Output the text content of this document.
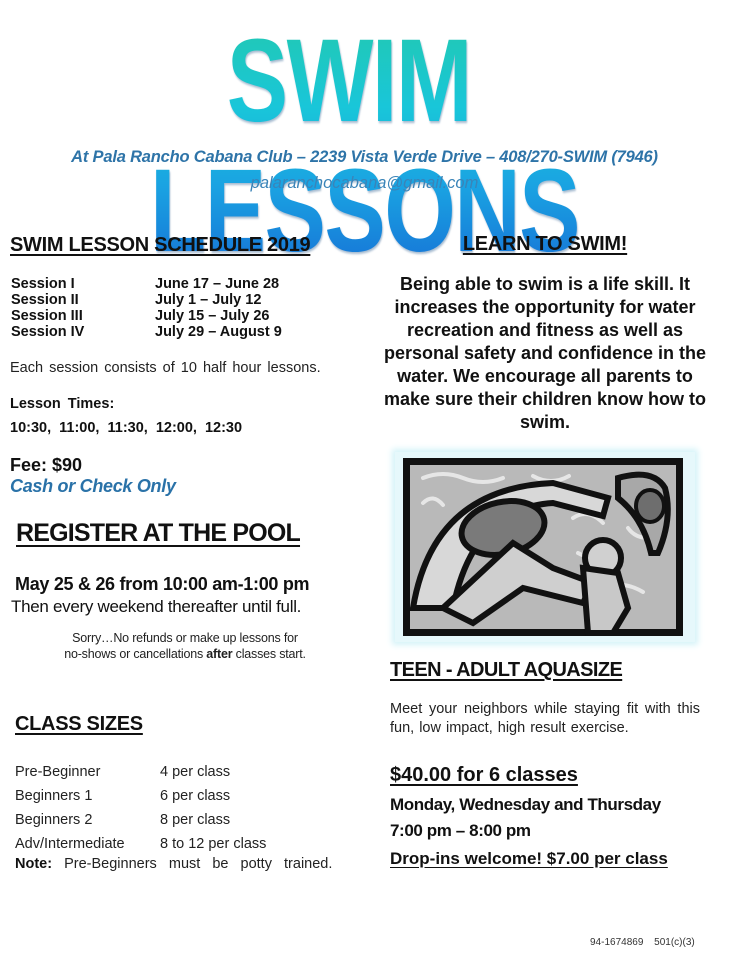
SWIMLESSONS
At Pala Rancho Cabana Club – 2239 Vista Verde Drive – 408/270-SWIM (7946)
palaranchocabana@gmail.com
SWIM LESSON SCHEDULE 2019
Session I	June 17 – June 28
Session II	July 1 – July 12
Session III	July 15 – July 26
Session IV	July 29 – August 9
Each session consists of 10 half hour lessons.
Lesson Times:
10:30, 11:00, 11:30, 12:00, 12:30
Fee: $90
Cash or Check Only
REGISTER AT THE POOL
May 25 & 26 from 10:00 am-1:00 pm
Then every weekend thereafter until full.
Sorry…No refunds or make up lessons for
no-shows or cancellations after classes start.
CLASS SIZES
Pre-Beginner	4 per class
Beginners 1	6 per class
Beginners 2	8 per class
Adv/Intermediate	8 to 12 per class
Note:  Pre-Beginners  must  be  potty  trained.
LEARN TO SWIM!
Being able to swim is a life skill. It increases the opportunity for water recreation and fitness as well as personal safety and confidence in the water. We encourage all parents to make sure their children know how to swim.
TEEN - ADULT AQUASIZE
Meet your neighbors while staying fit with this fun, low impact, high result exercise.
$40.00 for 6 classes
Monday, Wednesday and Thursday
7:00 pm – 8:00 pm
Drop-ins welcome! $7.00 per class
94-1674869 501(c)(3)
